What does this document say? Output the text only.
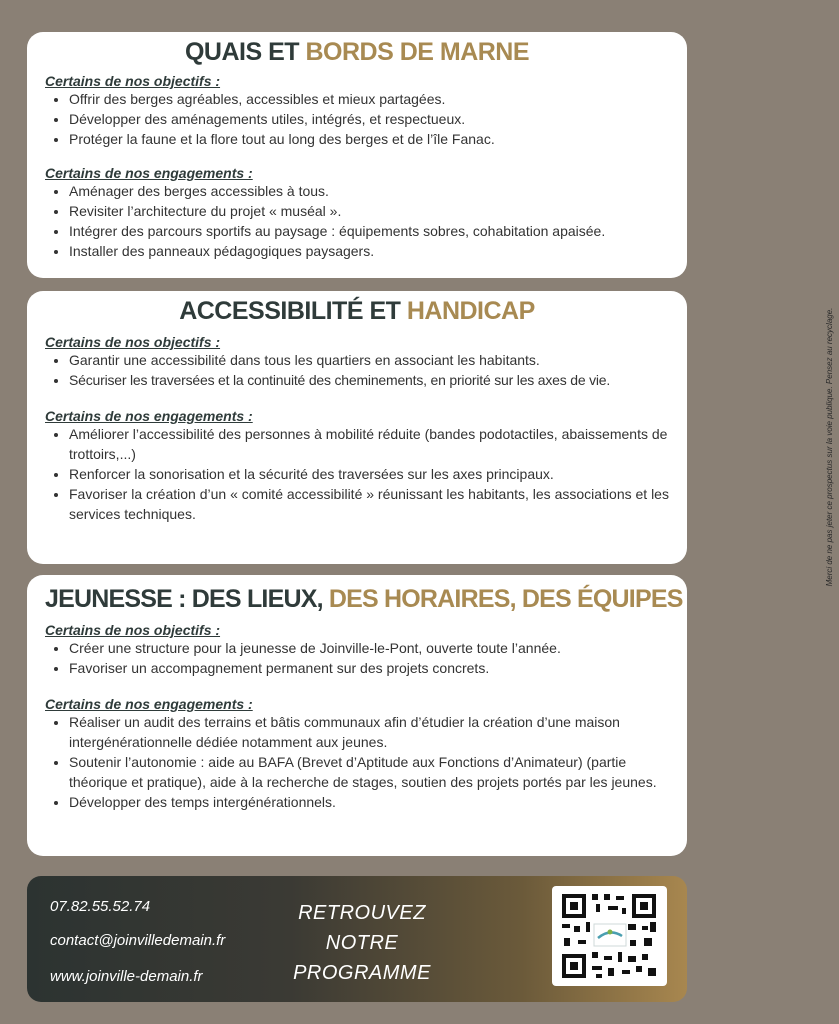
QUAIS ET BORDS DE MARNE

Certains de nos objectifs :

• Offrir des berges agréables, accessibles et mieux partagées.
• Développer des aménagements utiles, intégrés, et respectueux.
• Protéger la faune et la flore tout au long des berges et de l’île Fanac.

Certains de nos engagements :

• Aménager des berges accessibles à tous.
• Revisiter l’architecture du projet « muséal ».
• Intégrer des parcours sportifs au paysage : équipements sobres, cohabitation apaisée.
• Installer des panneaux pédagogiques paysagers.
ACCESSIBILITÉ ET HANDICAP

Certains de nos objectifs :

• Garantir une accessibilité dans tous les quartiers en associant les habitants.
• Sécuriser les traversées et la continuité des cheminements, en priorité sur les axes de vie.

Certains de nos engagements :

• Améliorer l’accessibilité des personnes à mobilité réduite (bandes podotactiles, abaissements de trottoirs,...)
• Renforcer la sonorisation et la sécurité des traversées sur les axes principaux.
• Favoriser la création d’un « comité accessibilité » réunissant les habitants, les associations et les services techniques.
JEUNESSE : DES LIEUX, DES HORAIRES, DES ÉQUIPES

Certains de nos objectifs :

• Créer une structure pour la jeunesse de Joinville-le-Pont, ouverte toute l’année.
• Favoriser un accompagnement permanent sur des projets concrets.

Certains de nos engagements :

• Réaliser un audit des terrains et bâtis communaux afin d’étudier la création d’une maison intergénérationnelle dédiée notamment aux jeunes.
• Soutenir l’autonomie : aide au BAFA (Brevet d’Aptitude aux Fonctions d’Animateur) (partie théorique et pratique), aide à la recherche de stages, soutien des projets portés par les jeunes.
• Développer des temps intergénérationnels.
Merci de ne pas jeter ce prospectus sur la voie publique. Pensez au recyclage.
07.82.55.52.74
contact@joinvilledemain.fr
www.joinville-demain.fr
RETROUVEZ
NOTRE
PROGRAMME
